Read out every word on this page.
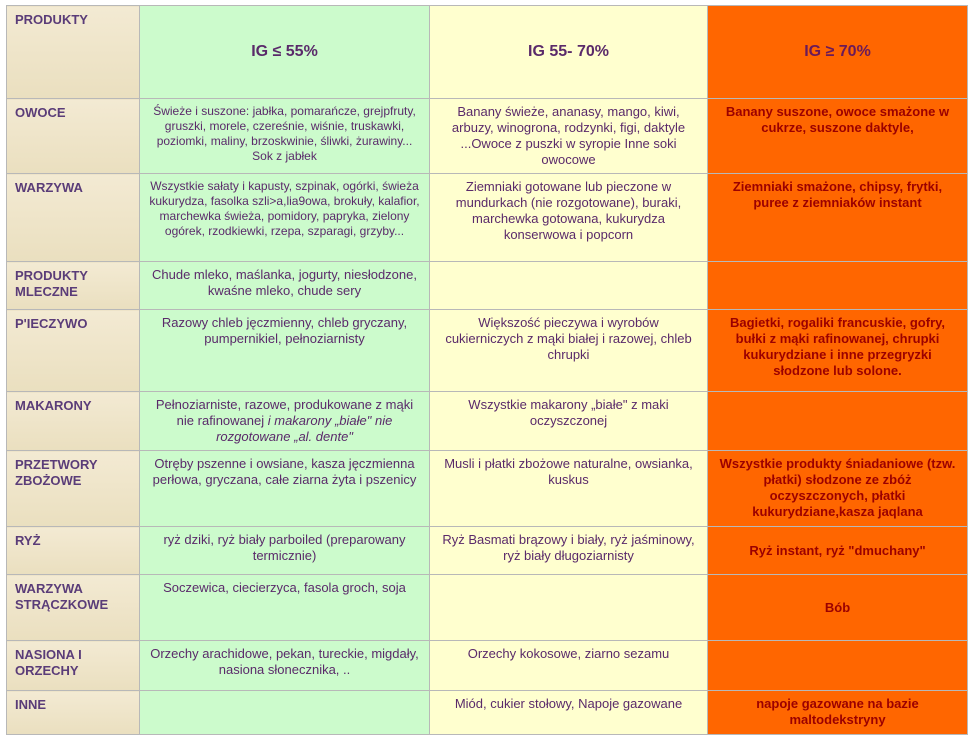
PRODUKTY	IG ≤ 55%	IG 55- 70%	IG ≥ 70%
OWOCE	Świeże i suszone: jabłka, pomarańcze, grejpfruty, gruszki, morele, czereśnie, wiśnie, truskawki, poziomki, maliny, brzoskwinie, śliwki, żurawiny... Sok z jabłek	Banany świeże, ananasy, mango, kiwi, arbuzy, winogrona, rodzynki, figi, daktyle ...Owoce z puszki w syropie Inne soki owocowe	Banany suszone, owoce smażone w cukrze, suszone daktyle,
WARZYWA	Wszystkie sałaty i kapusty, szpinak, ogórki, świeża kukurydza, fasolka szli>a,lia9owa, brokuły, kalafior, marchewka świeża, pomidory, papryka, zielony ogórek, rzodkiewki, rzepa, szparagi, grzyby...	Ziemniaki gotowane lub pieczone w mundurkach (nie rozgotowane), buraki, marchewka gotowana, kukurydza konserwowa i popcorn	Ziemniaki smażone, chipsy, frytki, puree z ziemniaków instant
PRODUKTY MLECZNE	Chude mleko, maślanka, jogurty, niesłodzone, kwaśne mleko, chude sery		
P'IECZYWO	Razowy chleb jęczmienny, chleb gryczany, pumpernikiel, pełnoziarnisty	Większość pieczywa i wyrobów cukierniczych z mąki białej i razowej, chleb chrupki	Bagietki, rogaliki francuskie, gofry, bułki z mąki rafinowanej, chrupki kukurydziane i inne przegryzki słodzone lub solone.
MAKARONY	Pełnoziarniste, razowe, produkowane z mąki nie rafinowanej i makarony „białe" nie rozgotowane „al. dente"	Wszystkie makarony „białe" z maki oczyszczonej	
PRZETWORY ZBOŻOWE	Otręby pszenne i owsiane, kasza jęczmienna perłowa, gryczana, całe ziarna żyta i pszenicy	Musli i płatki zbożowe naturalne, owsianka, kuskus	Wszystkie produkty śniadaniowe (tzw. płatki) słodzone ze zbóż oczyszczonych, płatki kukurydziane,kasza jaqlana
RYŻ	ryż dziki, ryż biały parboiled (preparowany termicznie)	Ryż Basmati brązowy i biały, ryż jaśminowy, ryż biały długoziarnisty	Ryż instant, ryż "dmuchany"
WARZYWA STRĄCZKOWE	Soczewica, ciecierzyca, fasola groch, soja		Bób
NASIONA I ORZECHY	Orzechy arachidowe, pekan, tureckie, migdały, nasiona słonecznika, ..	Orzechy kokosowe, ziarno sezamu	
INNE		Miód, cukier stołowy, Napoje gazowane	napoje gazowane na bazie maltodekstryny
